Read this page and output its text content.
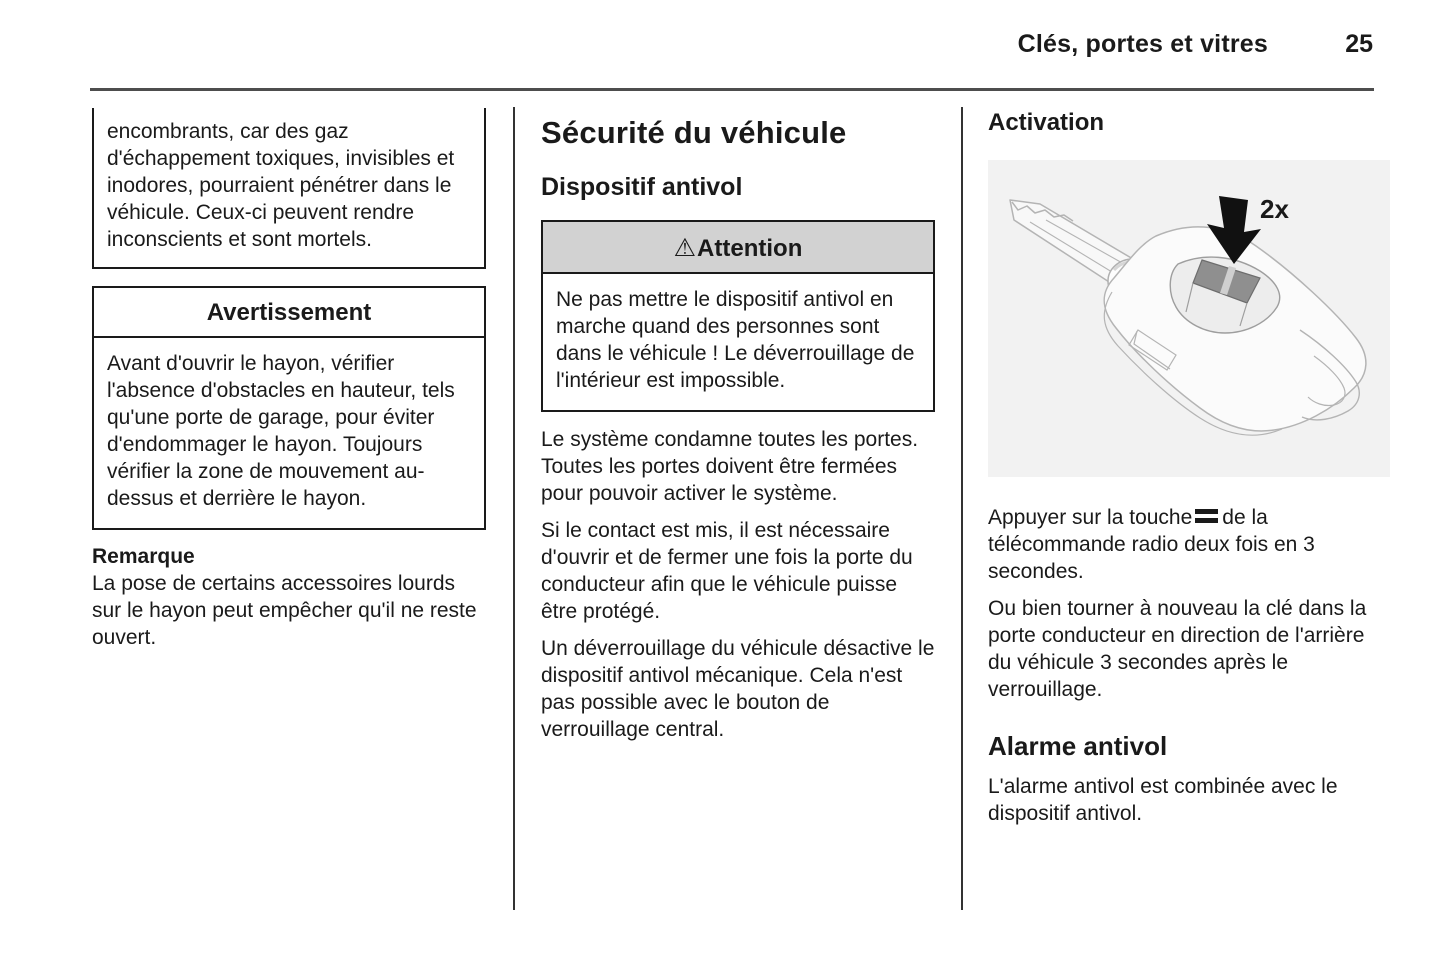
Clés, portes et vitres	25

encombrants, car des gaz d'échappement toxiques, invisibles et inodores, pourraient pénétrer dans le véhicule. Ceux-ci peuvent rendre inconscients et sont mortels.

Avertissement

Avant d'ouvrir le hayon, vérifier l'absence d'obstacles en hauteur, tels qu'une porte de garage, pour éviter d'endommager le hayon. Toujours vérifier la zone de mouvement au-dessus et derrière le hayon.

Remarque

La pose de certains accessoires lourds sur le hayon peut empêcher qu'il ne reste ouvert.

Sécurité du véhicule
Dispositif antivol
⚠Attention

Ne pas mettre le dispositif antivol en marche quand des personnes sont dans le véhicule ! Le déverrouillage de l'intérieur est impossible.

Le système condamne toutes les portes. Toutes les portes doivent être fermées pour pouvoir activer le système.

Si le contact est mis, il est nécessaire d'ouvrir et de fermer une fois la porte du conducteur afin que le véhicule puisse être protégé.

Un déverrouillage du véhicule désactive le dispositif antivol mécanique. Cela n'est pas possible avec le bouton de verrouillage central.

Activation
2x

Appuyer sur la touche de la télécommande radio deux fois en 3 secondes.

Ou bien tourner à nouveau la clé dans la porte conducteur en direction de l'arrière du véhicule 3 secondes après le verrouillage.

Alarme antivol

L'alarme antivol est combinée avec le dispositif antivol.
